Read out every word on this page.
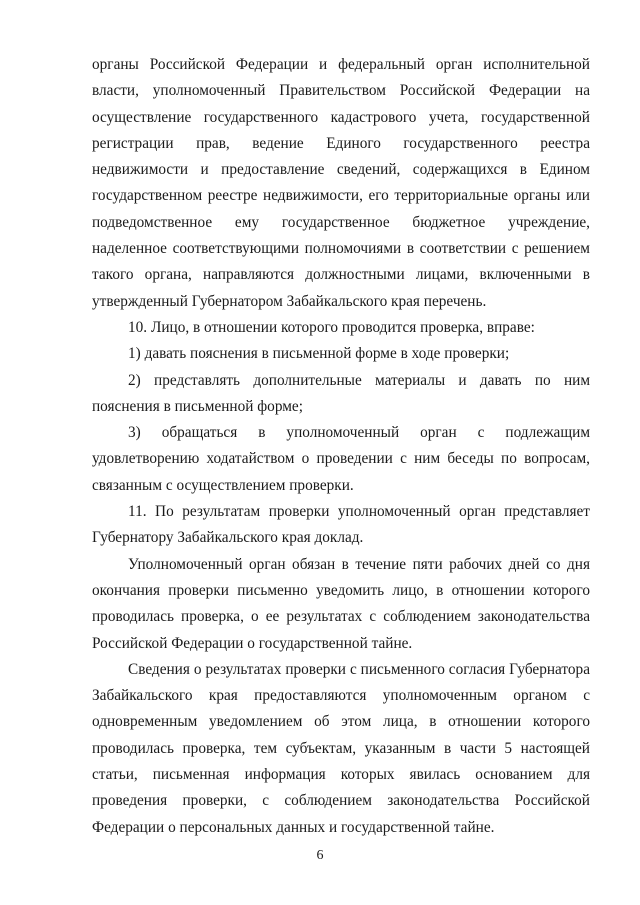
органы Российской Федерации и федеральный орган исполнительной власти, уполномоченный Правительством Российской Федерации на осуществление государственного кадастрового учета, государственной регистрации прав, ведение Единого государственного реестра недвижимости и предоставление сведений, содержащихся в Едином государственном реестре недвижимости, его территориальные органы или подведомственное ему государственное бюджетное учреждение, наделенное соответствующими полномочиями в соответствии с решением такого органа, направляются должностными лицами, включенными в утвержденный Губернатором Забайкальского края перечень.

10. Лицо, в отношении которого проводится проверка, вправе:

1) давать пояснения в письменной форме в ходе проверки;

2) представлять дополнительные материалы и давать по ним пояснения в письменной форме;

3) обращаться в уполномоченный орган с подлежащим удовлетворению ходатайством о проведении с ним беседы по вопросам, связанным с осуществлением проверки.

11. По результатам проверки уполномоченный орган представляет Губернатору Забайкальского края доклад.

Уполномоченный орган обязан в течение пяти рабочих дней со дня окончания проверки письменно уведомить лицо, в отношении которого проводилась проверка, о ее результатах с соблюдением законодательства Российской Федерации о государственной тайне.

Сведения о результатах проверки с письменного согласия Губернатора Забайкальского края предоставляются уполномоченным органом с одновременным уведомлением об этом лица, в отношении которого проводилась проверка, тем субъектам, указанным в части 5 настоящей статьи, письменная информация которых явилась основанием для проведения проверки, с соблюдением законодательства Российской Федерации о персональных данных и государственной тайне.

6
